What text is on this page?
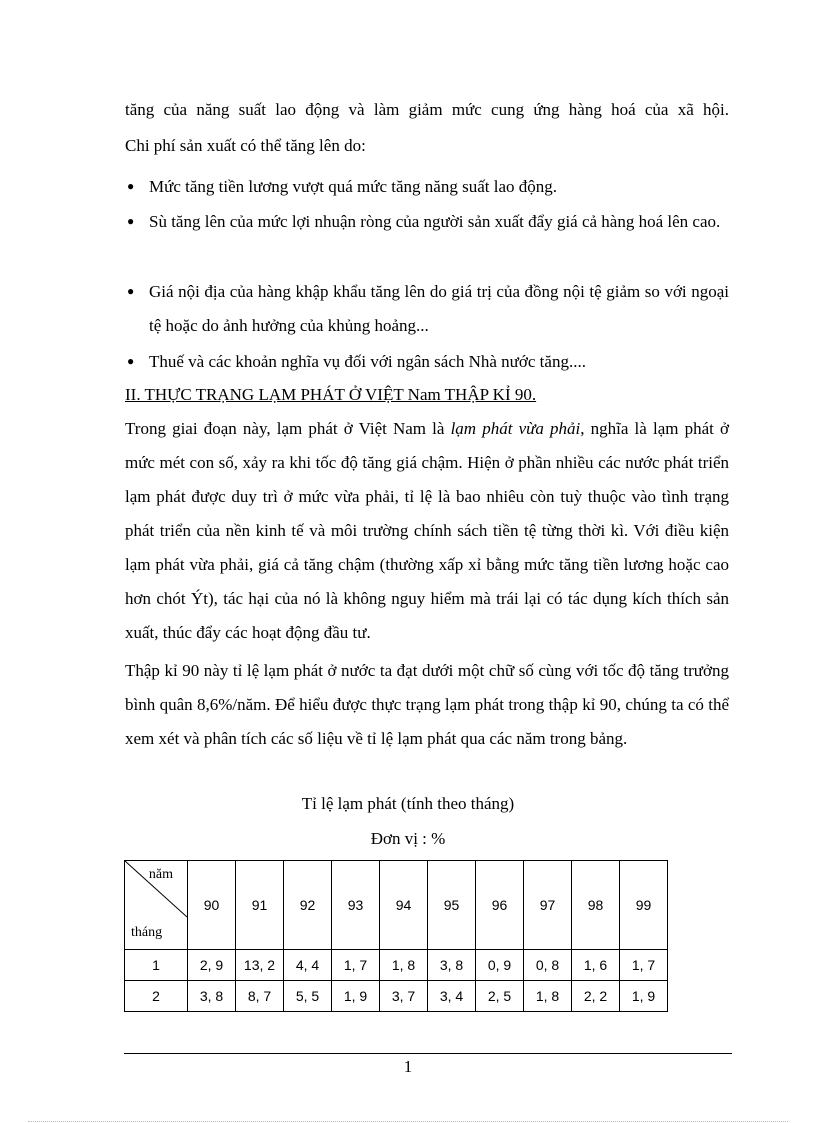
tăng của năng suất lao động và làm giảm mức cung ứng hàng hoá của xã hội.
Chi phí sản xuất có thể tăng lên do:
● Mức tăng tiền lương vượt quá mức tăng năng suất lao động.
● Sù tăng lên của mức lợi nhuận ròng của người sản xuất đẩy giá cả hàng hoá lên cao.
● Giá nội địa của hàng khập khẩu tăng lên do giá trị của đồng nội tệ giảm so với ngoại tệ hoặc do ảnh hưởng của khủng hoảng...
● Thuế và các khoản nghĩa vụ đối với ngân sách Nhà nước tăng....
II. THỰC TRẠNG LẠM PHÁT Ở VIỆT Nam THẬP KỈ 90.
Trong giai đoạn này, lạm phát ở Việt Nam là lạm phát vừa phải, nghĩa là lạm phát ở mức mét con số, xảy ra khi tốc độ tăng giá chậm. Hiện ở phần nhiều các nước phát triển lạm phát được duy trì ở mức vừa phải, tỉ lệ là bao nhiêu còn tuỳ thuộc vào tình trạng phát triển của nền kinh tế và môi trường chính sách tiền tệ từng thời kì. Với điều kiện lạm phát vừa phải, giá cả tăng chậm (thường xấp xỉ bằng mức tăng tiền lương hoặc cao hơn chót Ýt), tác hại của nó là không nguy hiểm mà trái lại có tác dụng kích thích sản xuất, thúc đẩy các hoạt động đầu tư.
Thập kỉ 90 này tỉ lệ lạm phát ở nước ta đạt dưới một chữ số cùng với tốc độ tăng trưởng bình quân 8,6%/năm. Để hiểu được thực trạng lạm phát trong thập kỉ 90, chúng ta có thể xem xét và phân tích các số liệu về tỉ lệ lạm phát qua các năm trong bảng.
Tỉ lệ lạm phát (tính theo tháng)
Đơn vị : %
năm
tháng	90	91	92	93	94	95	96	97	98	99
1	2, 9	13, 2	4, 4	1, 7	1, 8	3, 8	0, 9	0, 8	1, 6	1, 7
2	3, 8	8, 7	5, 5	1, 9	3, 7	3, 4	2, 5	1, 8	2, 2	1, 9
1
